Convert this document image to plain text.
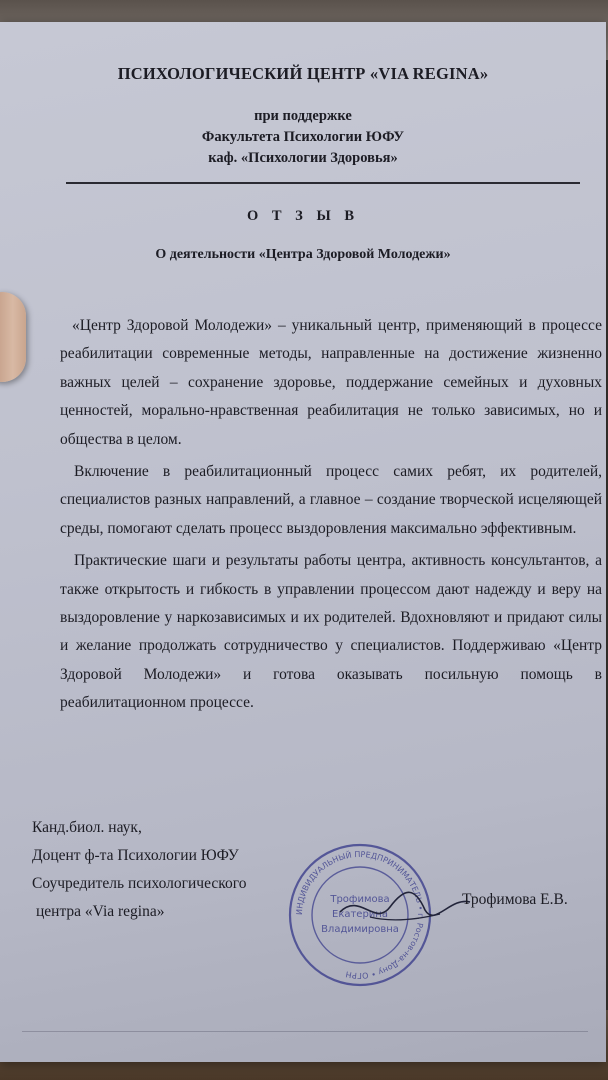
ПСИХОЛОГИЧЕСКИЙ ЦЕНТР «VIA REGINA»
при поддержке
Факультета Психологии ЮФУ
каф. «Психологии Здоровья»
О Т З Ы В
О деятельности «Центра Здоровой Молодежи»

«Центр Здоровой Молодежи» – уникальный центр, применяющий в процессе реабилитации современные методы, направленные на достижение жизненно важных целей – сохранение здоровье, поддержание семейных и духовных ценностей, морально-нравственная реабилитация не только зависимых, но и общества в целом.

Включение в реабилитационный процесс самих ребят, их родителей, специалистов разных направлений, а главное – создание творческой исцеляющей среды, помогают сделать процесс выздоровления максимально эффективным.

Практические шаги и результаты работы центра, активность консультантов, а также открытость и гибкость в управлении процессом дают надежду и веру на выздоровление у наркозависимых и их родителей. Вдохновляют и придают силы и желание продолжать сотрудничество у специалистов. Поддерживаю «Центр Здоровой Молодежи» и готова оказывать посильную помощь в реабилитационном процессе.

Канд.биол. наук,
Доцент ф-та Психологии ЮФУ
Соучредитель психологического
центра «Via regina»	ИНДИВИДУАЛЬНЫЙ ПРЕДПРИНИМАТЕЛЬ • г. Ростов-на-Дону • ОГРН
Трофимова
Екатерина
Владимировна
Трофимова Е.В.
